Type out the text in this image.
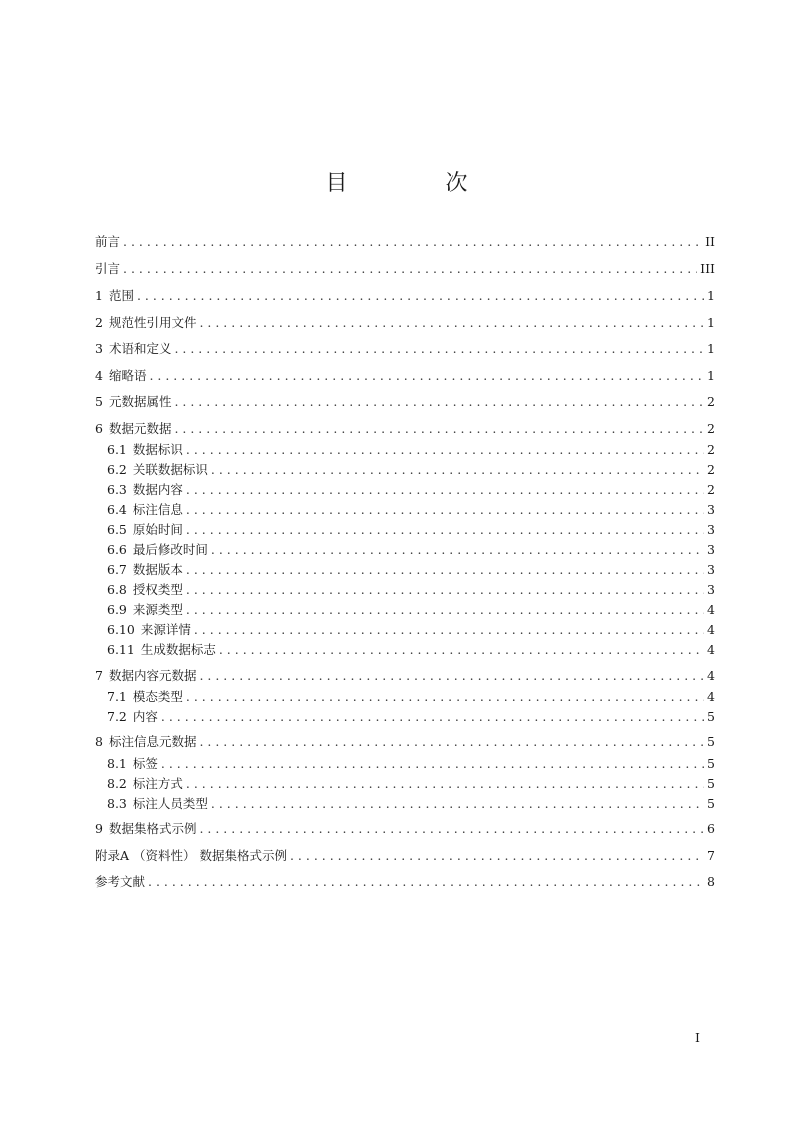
目　次
前言 . . .	II
引言 . . .	III
1 范围 . . .	1
2 规范性引用文件 . . .	1
3 术语和定义 . . .	1
4 缩略语 . . .	1
5 元数据属性 . . .	2
6 数据元数据 . . .	2
6.1 数据标识 . . .	2
6.2 关联数据标识 . . .	2
6.3 数据内容 . . .	2
6.4 标注信息 . . .	3
6.5 原始时间 . . .	3
6.6 最后修改时间 . . .	3
6.7 数据版本 . . .	3
6.8 授权类型 . . .	3
6.9 来源类型 . . .	4
6.10 来源详情 . . .	4
6.11 生成数据标志 . . .	4
7 数据内容元数据 . . .	4
7.1 模态类型 . . .	4
7.2 内容 . . .	5
8 标注信息元数据 . . .	5
8.1 标签 . . .	5
8.2 标注方式 . . .	5
8.3 标注人员类型 . . .	5
9 数据集格式示例 . . .	6
附录A （资料性） 数据集格式示例 . . .	7
参考文献 . . .	8
I
